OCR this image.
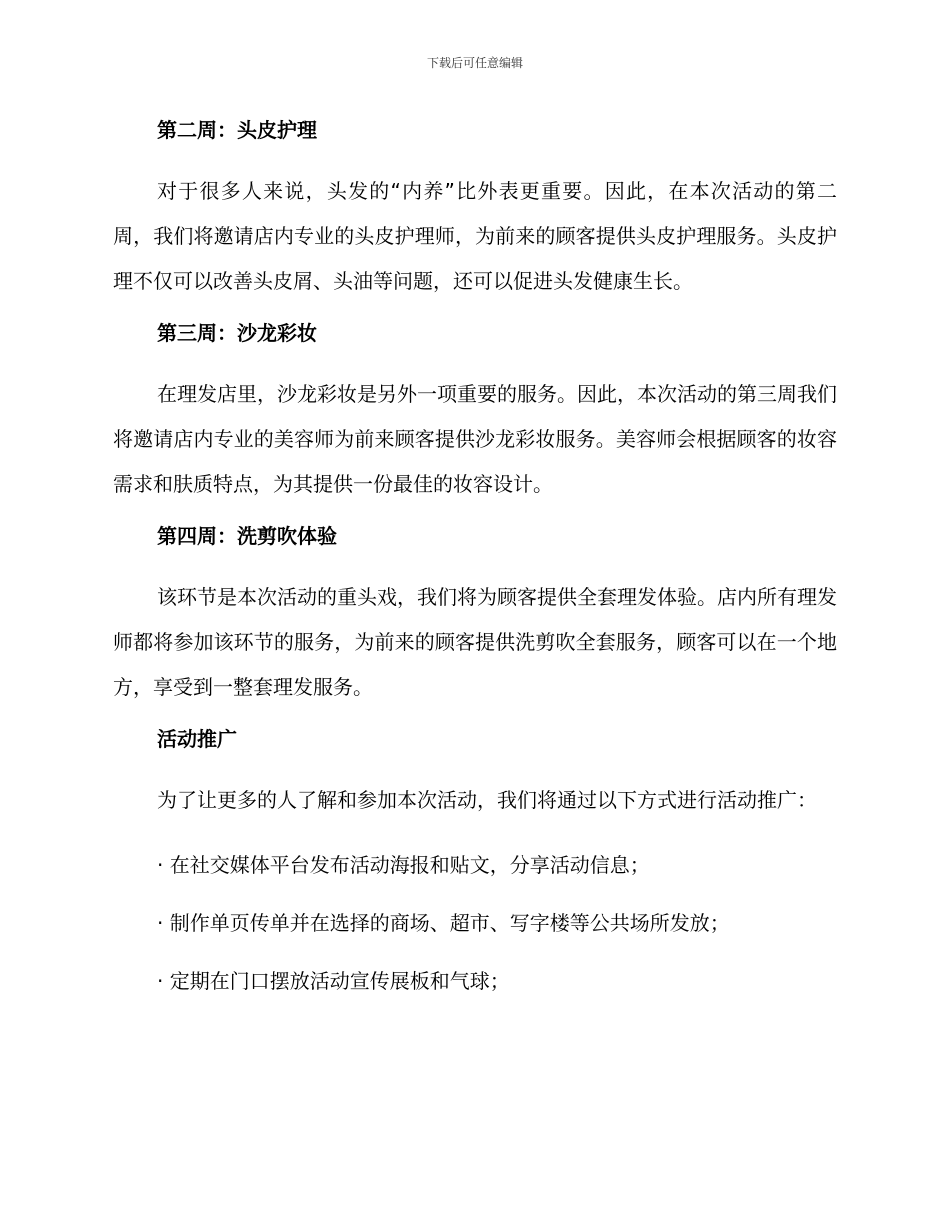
下载后可任意编辑
第二周：头皮护理

对于很多人来说，头发的“内养”比外表更重要。因此，在本次活动的第二周，我们将邀请店内专业的头皮护理师，为前来的顾客提供头皮护理服务。头皮护理不仅可以改善头皮屑、头油等问题，还可以促进头发健康生长。

第三周：沙龙彩妆

在理发店里，沙龙彩妆是另外一项重要的服务。因此，本次活动的第三周我们将邀请店内专业的美容师为前来顾客提供沙龙彩妆服务。美容师会根据顾客的妆容需求和肤质特点，为其提供一份最佳的妆容设计。

第四周：洗剪吹体验

该环节是本次活动的重头戏，我们将为顾客提供全套理发体验。店内所有理发师都将参加该环节的服务，为前来的顾客提供洗剪吹全套服务，顾客可以在一个地方，享受到一整套理发服务。

活动推广

为了让更多的人了解和参加本次活动，我们将通过以下方式进行活动推广：

· 在社交媒体平台发布活动海报和贴文，分享活动信息；

· 制作单页传单并在选择的商场、超市、写字楼等公共场所发放；

· 定期在门口摆放活动宣传展板和气球；
